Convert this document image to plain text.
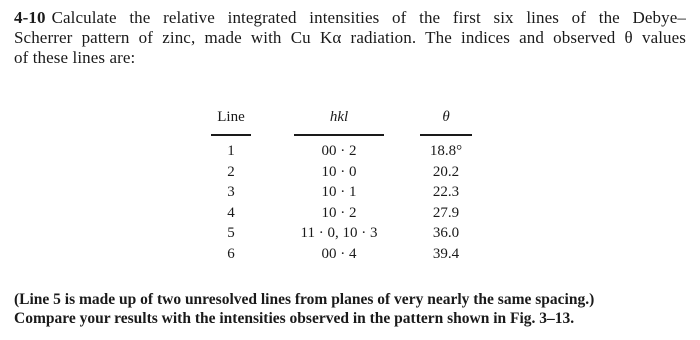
4-10 Calculate the relative integrated intensities of the first six lines of the Debye–
Scherrer pattern of zinc, made with Cu Kα radiation. The indices and observed θ values
of these lines are:
Line
1
2
3
4
5
6
hkl
00 · 2
10 · 0
10 · 1
10 · 2
11 · 0, 10 · 3
00 · 4
θ
18.8°
20.2
22.3
27.9
36.0
39.4
(Line 5 is made up of two unresolved lines from planes of very nearly the same spacing.)
Compare your results with the intensities observed in the pattern shown in Fig. 3–13.
